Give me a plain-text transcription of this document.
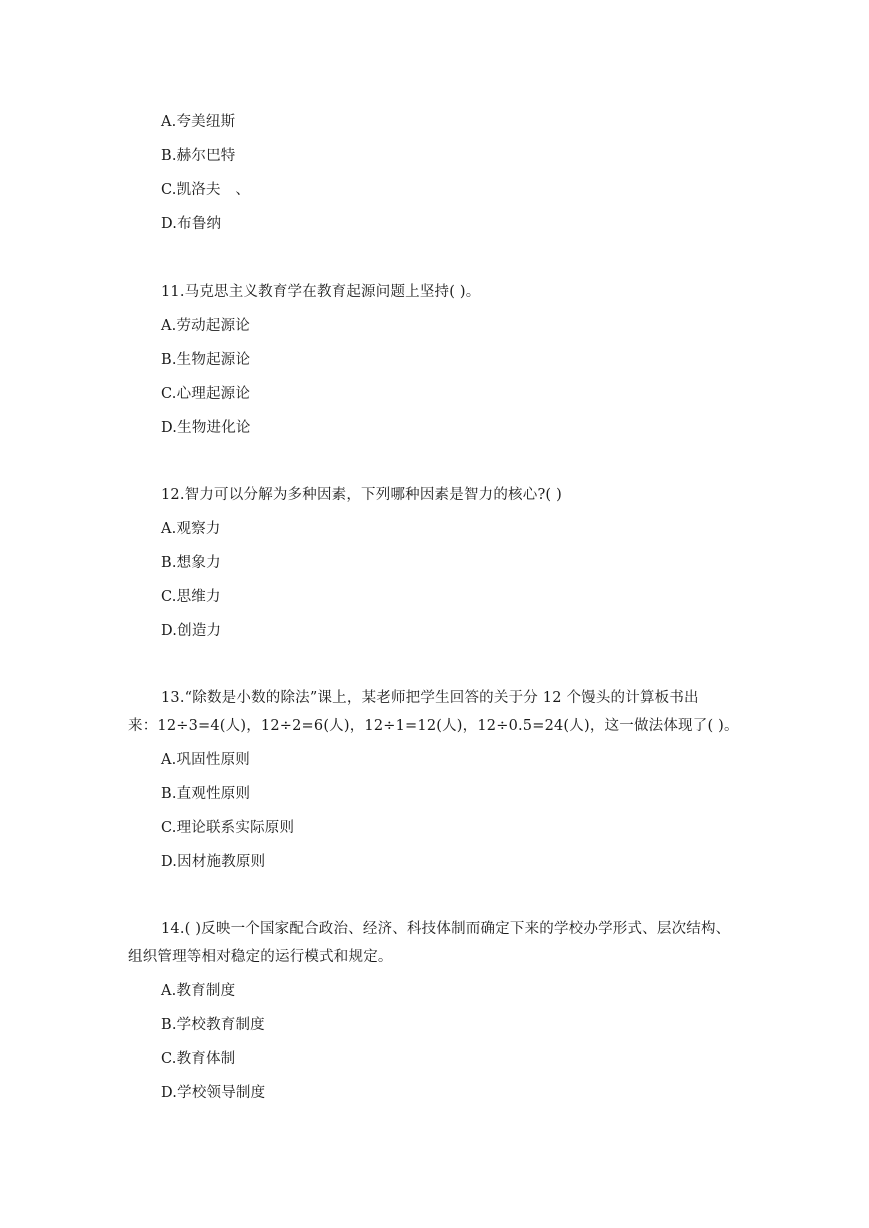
A.夸美纽斯
B.赫尔巴特
C.凯洛夫　、
D.布鲁纳
11.马克思主义教育学在教育起源问题上坚持( )。
A.劳动起源论
B.生物起源论
C.心理起源论
D.生物进化论
12.智力可以分解为多种因素，下列哪种因素是智力的核心?( )
A.观察力
B.想象力
C.思维力
D.创造力
13.“除数是小数的除法”课上，某老师把学生回答的关于分 12 个馒头的计算板书出
来：12÷3=4(人)，12÷2=6(人)，12÷1=12(人)，12÷0.5=24(人)，这一做法体现了( )。
A.巩固性原则
B.直观性原则
C.理论联系实际原则
D.因材施教原则
14.( )反映一个国家配合政治、经济、科技体制而确定下来的学校办学形式、层次结构、
组织管理等相对稳定的运行模式和规定。
A.教育制度
B.学校教育制度
C.教育体制
D.学校领导制度
